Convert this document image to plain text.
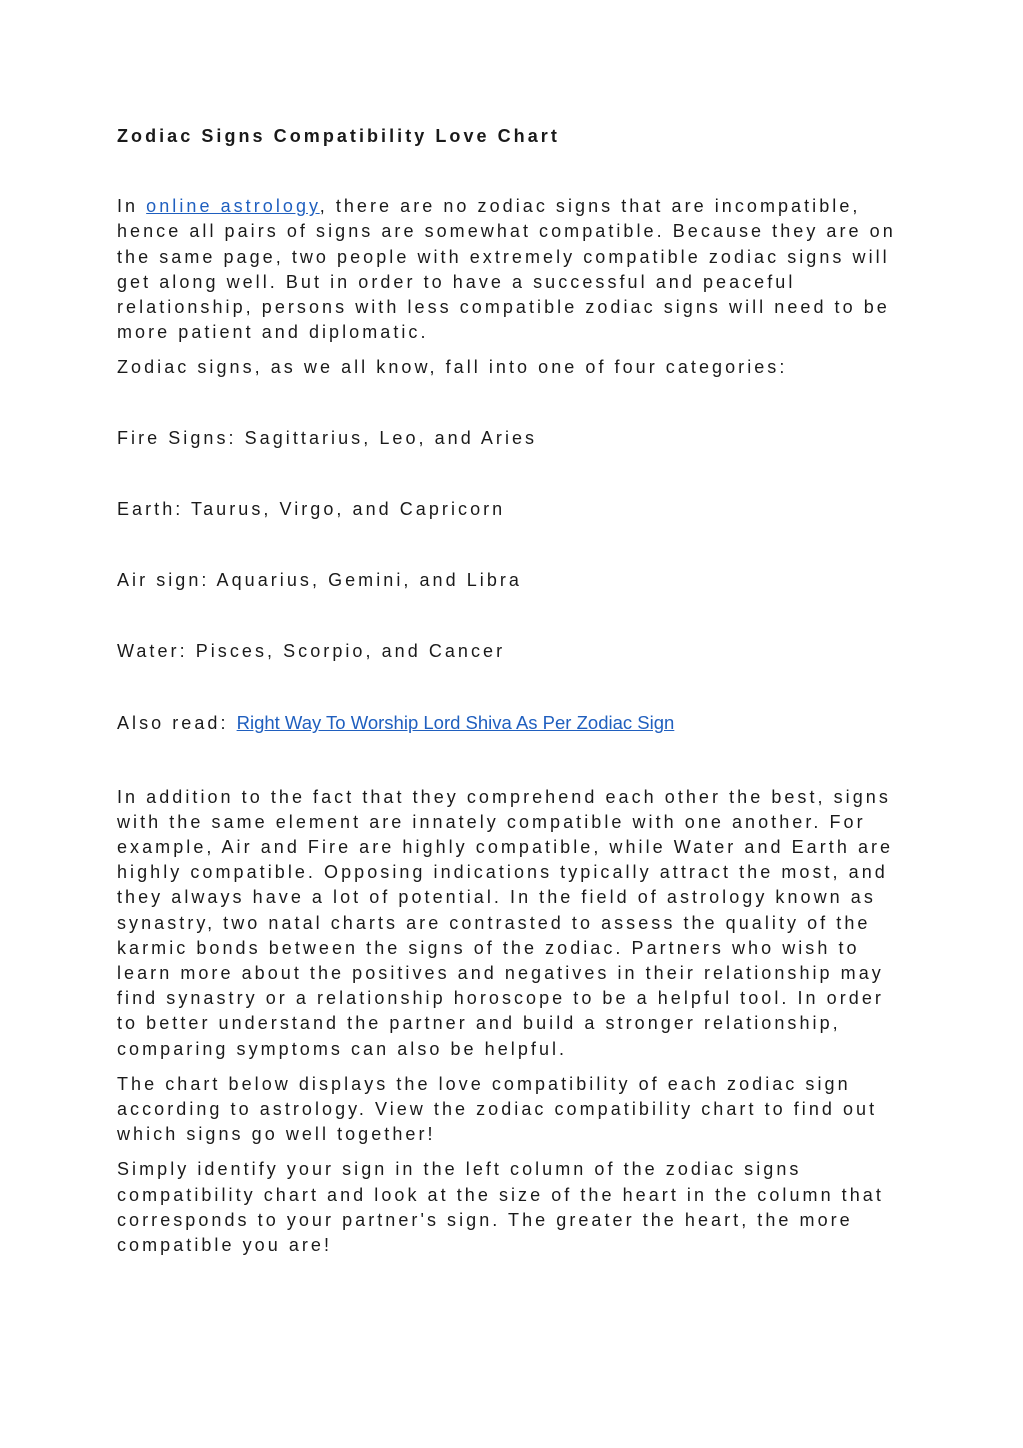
Zodiac Signs Compatibility Love Chart

In online astrology, there are no zodiac signs that are incompatible, hence all pairs of signs are somewhat compatible. Because they are on the same page, two people with extremely compatible zodiac signs will get along well. But in order to have a successful and peaceful relationship, persons with less compatible zodiac signs will need to be more patient and diplomatic.

Zodiac signs, as we all know, fall into one of four categories:

Fire Signs: Sagittarius, Leo, and Aries

Earth: Taurus, Virgo, and Capricorn

Air sign: Aquarius, Gemini, and Libra

Water: Pisces, Scorpio, and Cancer

Also read: Right Way To Worship Lord Shiva As Per Zodiac Sign

In addition to the fact that they comprehend each other the best, signs with the same element are innately compatible with one another. For example, Air and Fire are highly compatible, while Water and Earth are highly compatible. Opposing indications typically attract the most, and they always have a lot of potential. In the field of astrology known as synastry, two natal charts are contrasted to assess the quality of the karmic bonds between the signs of the zodiac. Partners who wish to learn more about the positives and negatives in their relationship may find synastry or a relationship horoscope to be a helpful tool. In order to better understand the partner and build a stronger relationship, comparing symptoms can also be helpful.

The chart below displays the love compatibility of each zodiac sign according to astrology. View the zodiac compatibility chart to find out which signs go well together!

Simply identify your sign in the left column of the zodiac signs compatibility chart and look at the size of the heart in the column that corresponds to your partner's sign. The greater the heart, the more compatible you are!
